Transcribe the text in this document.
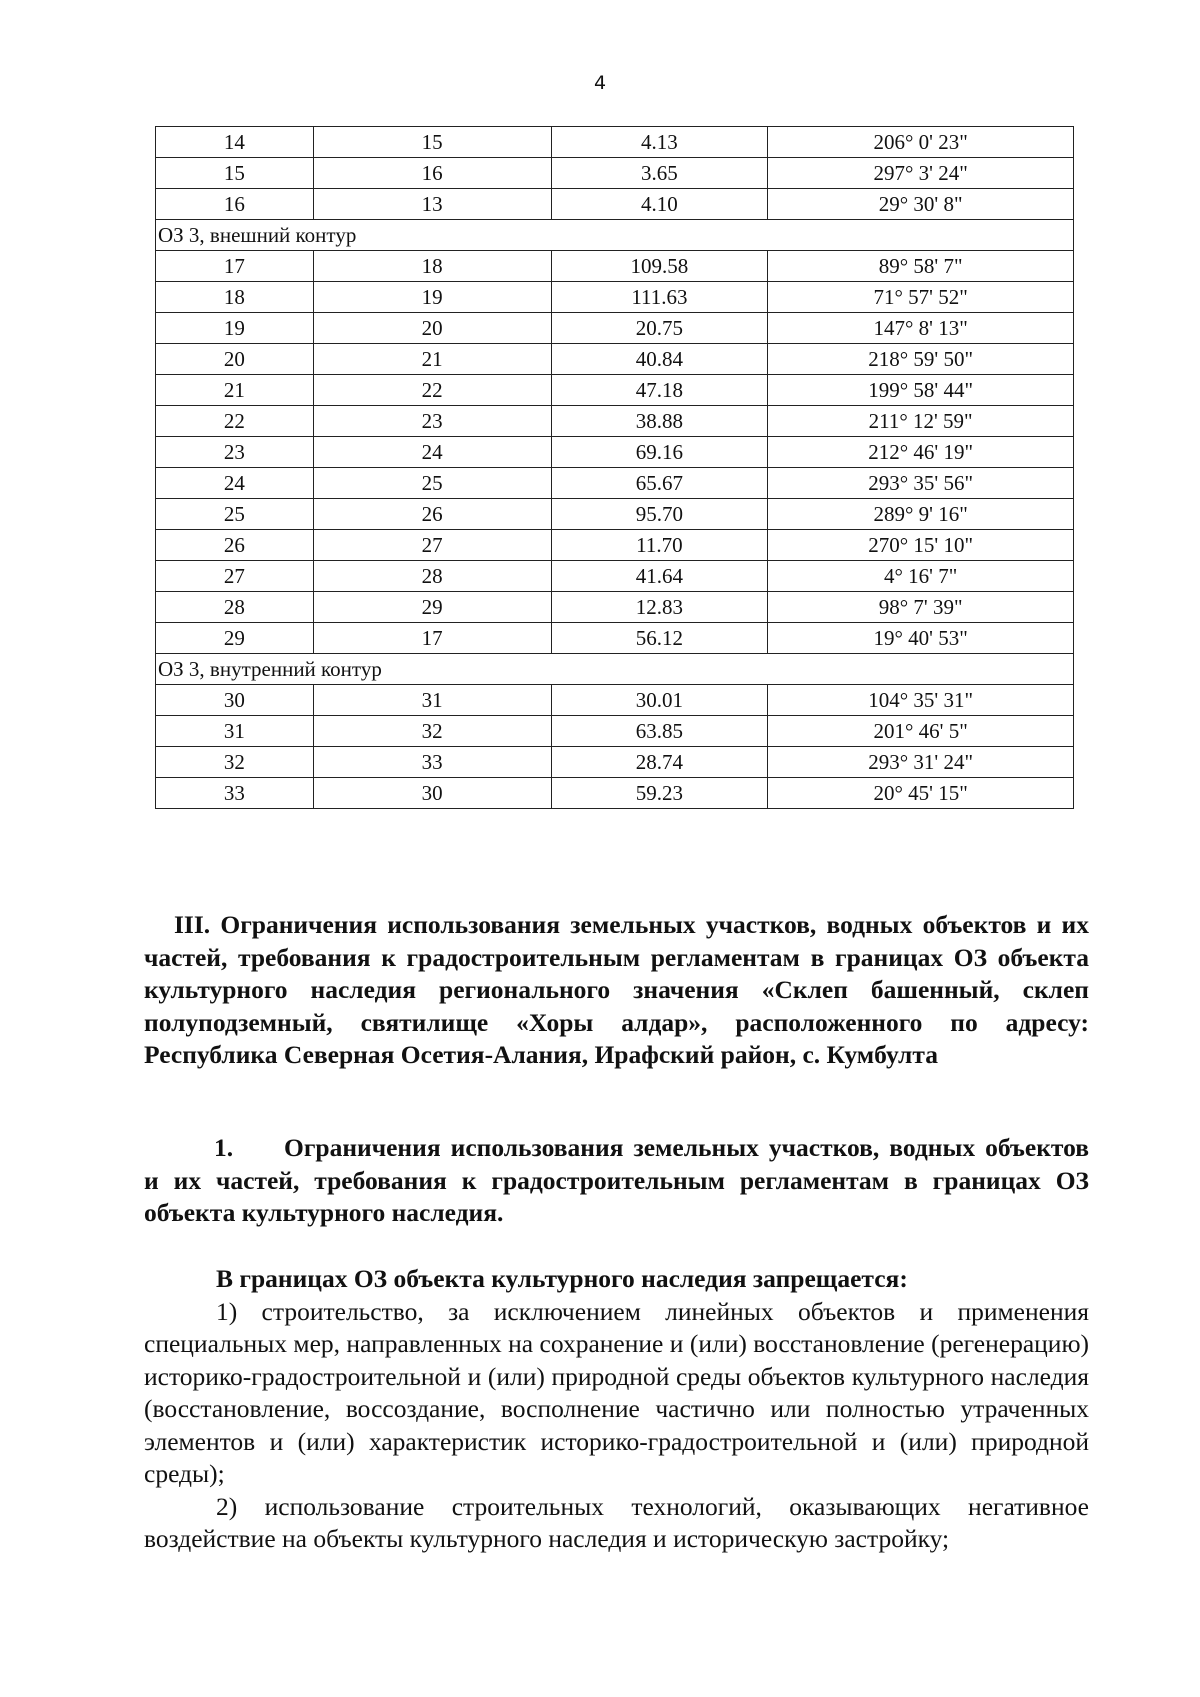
4
14	15	4.13	206° 0' 23"
15	16	3.65	297° 3' 24"
16	13	4.10	29° 30' 8"
ОЗ 3, внешний контур			
17	18	109.58	89° 58' 7"
18	19	111.63	71° 57' 52"
19	20	20.75	147° 8' 13"
20	21	40.84	218° 59' 50"
21	22	47.18	199° 58' 44"
22	23	38.88	211° 12' 59"
23	24	69.16	212° 46' 19"
24	25	65.67	293° 35' 56"
25	26	95.70	289° 9' 16"
26	27	11.70	270° 15' 10"
27	28	41.64	4° 16' 7"
28	29	12.83	98° 7' 39"
29	17	56.12	19° 40' 53"
ОЗ 3, внутренний контур			
30	31	30.01	104° 35' 31"
31	32	63.85	201° 46' 5"
32	33	28.74	293° 31' 24"
33	30	59.23	20° 45' 15"
III. Ограничения использования земельных участков, водных объектов и их частей, требования к градостроительным регламентам в границах ОЗ объекта культурного наследия регионального значения «Склеп башенный, склеп полуподземный, святилище «Хоры алдар», расположенного по адресу: Республика Северная Осетия-Алания, Ирафский район, с. Кумбулта
1. Ограничения использования земельных участков, водных объектов и их частей, требования к градостроительным регламентам в границах ОЗ объекта культурного наследия.
В границах ОЗ объекта культурного наследия запрещается:

1) строительство, за исключением линейных объектов и применения специальных мер, направленных на сохранение и (или) восстановление (регенерацию) историко-градостроительной и (или) природной среды объектов культурного наследия (восстановление, воссоздание, восполнение частично или полностью утраченных элементов и (или) характеристик историко-градостроительной и (или) природной среды);

2) использование строительных технологий, оказывающих негативное воздействие на объекты культурного наследия и историческую застройку;
